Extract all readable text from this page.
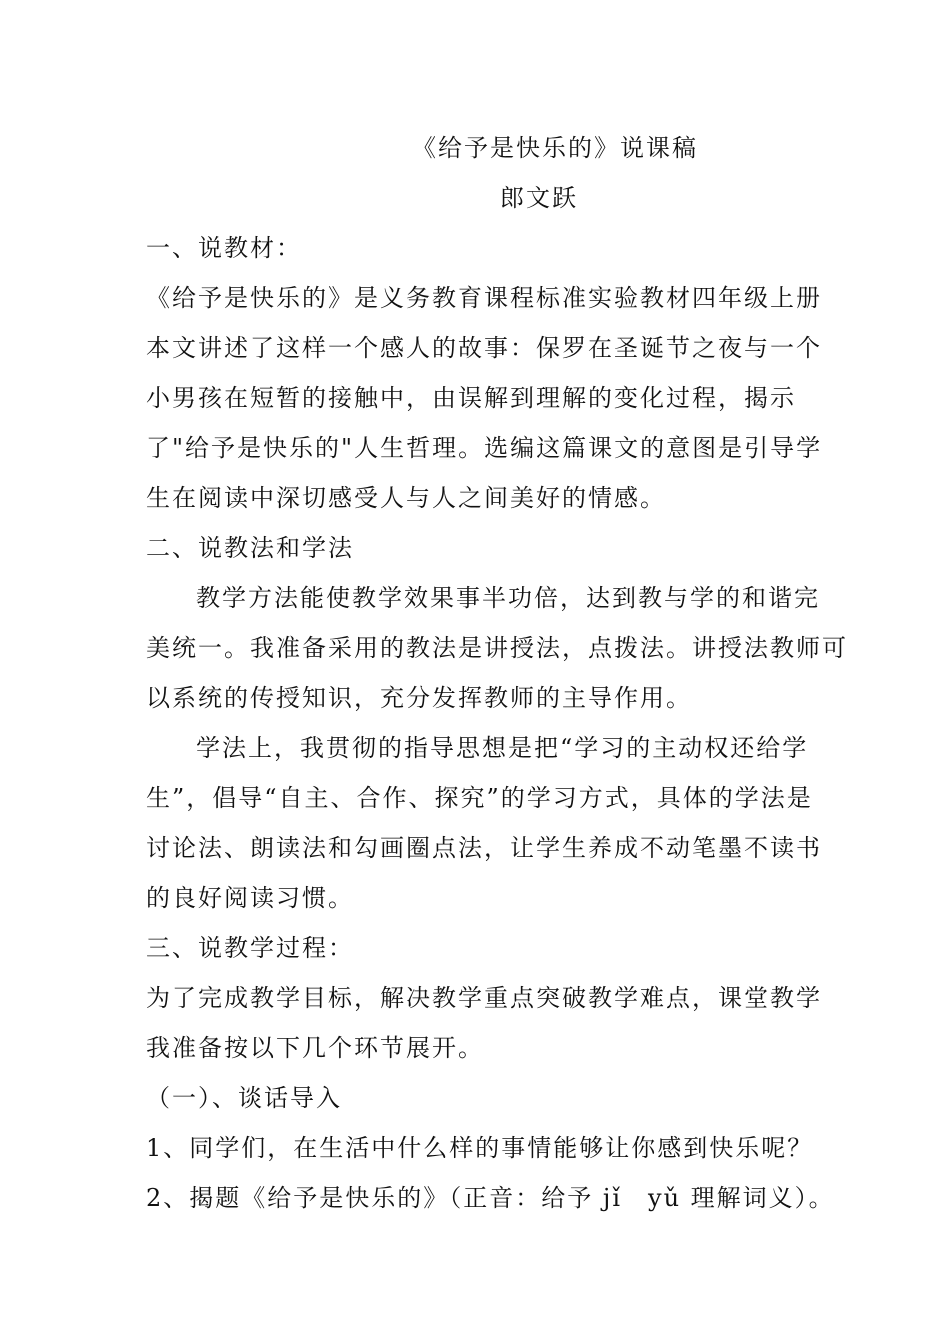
《给予是快乐的》说课稿
郎文跃
一、说教材：
《给予是快乐的》是义务教育课程标准实验教材四年级上册
本文讲述了这样一个感人的故事：保罗在圣诞节之夜与一个
小男孩在短暂的接触中，由误解到理解的变化过程，揭示
了"给予是快乐的"人生哲理。选编这篇课文的意图是引导学
生在阅读中深切感受人与人之间美好的情感。
二、说教法和学法
教学方法能使教学效果事半功倍，达到教与学的和谐完
美统一。我准备采用的教法是讲授法，点拨法。讲授法教师可
以系统的传授知识，充分发挥教师的主导作用。
学法上，我贯彻的指导思想是把“学习的主动权还给学
生”，倡导“自主、合作、探究”的学习方式，具体的学法是
讨论法、朗读法和勾画圈点法，让学生养成不动笔墨不读书
的良好阅读习惯。
三、说教学过程：
为了完成教学目标，解决教学重点突破教学难点，课堂教学
我准备按以下几个环节展开。
（一）、谈话导入
1、同学们，在生活中什么样的事情能够让你感到快乐呢？
2、揭题《给予是快乐的》（正音：给予 jǐ　yǔ 理解词义）。
